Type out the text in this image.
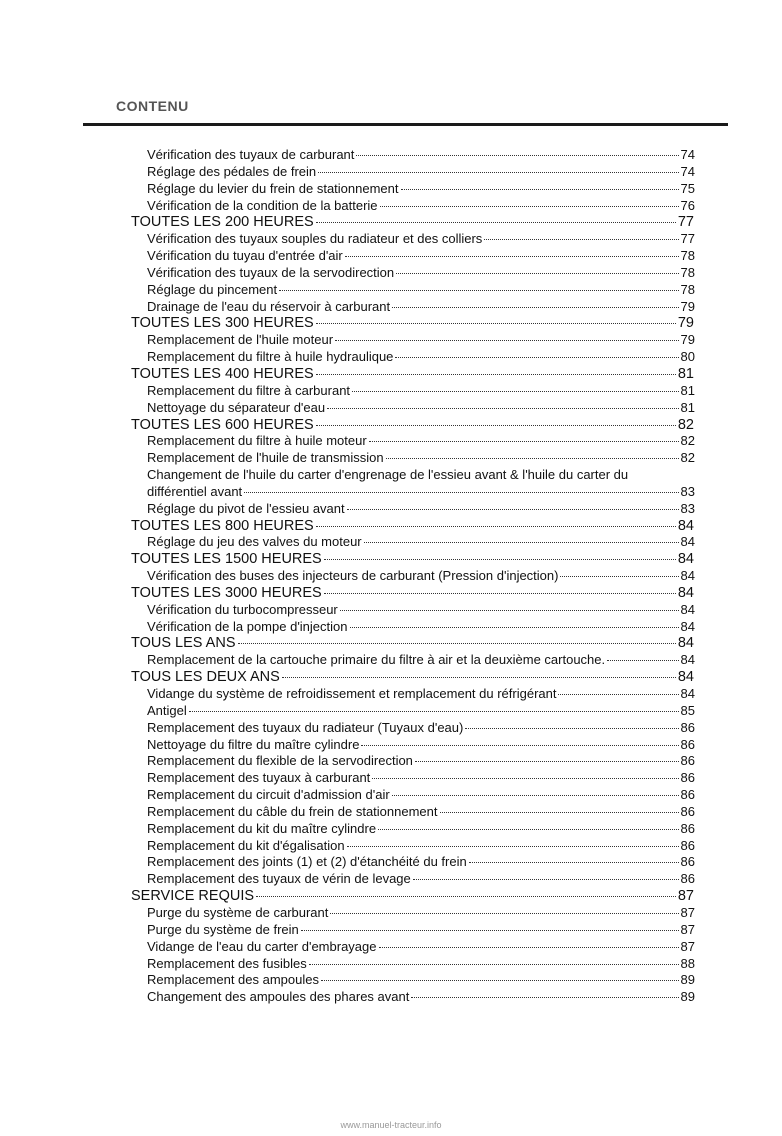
CONTENU
Vérification des tuyaux de carburant	74
Réglage des pédales de frein	74
Réglage du levier du frein de stationnement	75
Vérification de la condition de la batterie	76
TOUTES LES 200 HEURES	77
Vérification des tuyaux souples du radiateur et des colliers	77
Vérification du tuyau d'entrée d'air	78
Vérification des tuyaux de la servodirection	78
Réglage du pincement	78
Drainage de l'eau du réservoir à carburant	79
TOUTES LES 300 HEURES	79
Remplacement de l'huile moteur	79
Remplacement du filtre à huile hydraulique	80
TOUTES LES 400 HEURES	81
Remplacement du filtre à carburant	81
Nettoyage du séparateur d'eau	81
TOUTES LES 600 HEURES	82
Remplacement du filtre à huile moteur	82
Remplacement de l'huile de transmission	82
Changement de l'huile du carter d'engrenage de l'essieu avant & l'huile du carter du
différentiel avant	83
Réglage du pivot de l'essieu avant	83
TOUTES LES 800 HEURES	84
Réglage du jeu des valves du moteur	84
TOUTES LES 1500 HEURES	84
Vérification des buses des injecteurs de carburant (Pression d'injection)	84
TOUTES LES 3000 HEURES	84
Vérification du turbocompresseur	84
Vérification de la pompe d'injection	84
TOUS LES ANS	84
Remplacement de la cartouche primaire du filtre à air et la deuxième cartouche.	84
TOUS LES DEUX ANS	84
Vidange du système de refroidissement et remplacement du réfrigérant	84
Antigel	85
Remplacement des tuyaux du radiateur (Tuyaux d'eau)	86
Nettoyage du filtre du maître cylindre	86
Remplacement du flexible de la servodirection	86
Remplacement des tuyaux à carburant	86
Remplacement du circuit d'admission d'air	86
Remplacement du câble du frein de stationnement	86
Remplacement du kit du maître cylindre	86
Remplacement du kit d'égalisation	86
Remplacement des joints (1) et (2) d'étanchéité du frein	86
Remplacement des tuyaux de vérin de levage	86
SERVICE REQUIS	87
Purge du système de carburant	87
Purge du système de frein	87
Vidange de l'eau du carter d'embrayage	87
Remplacement des fusibles	88
Remplacement des ampoules	89
Changement des ampoules des phares avant	89
www.manuel-tracteur.info
